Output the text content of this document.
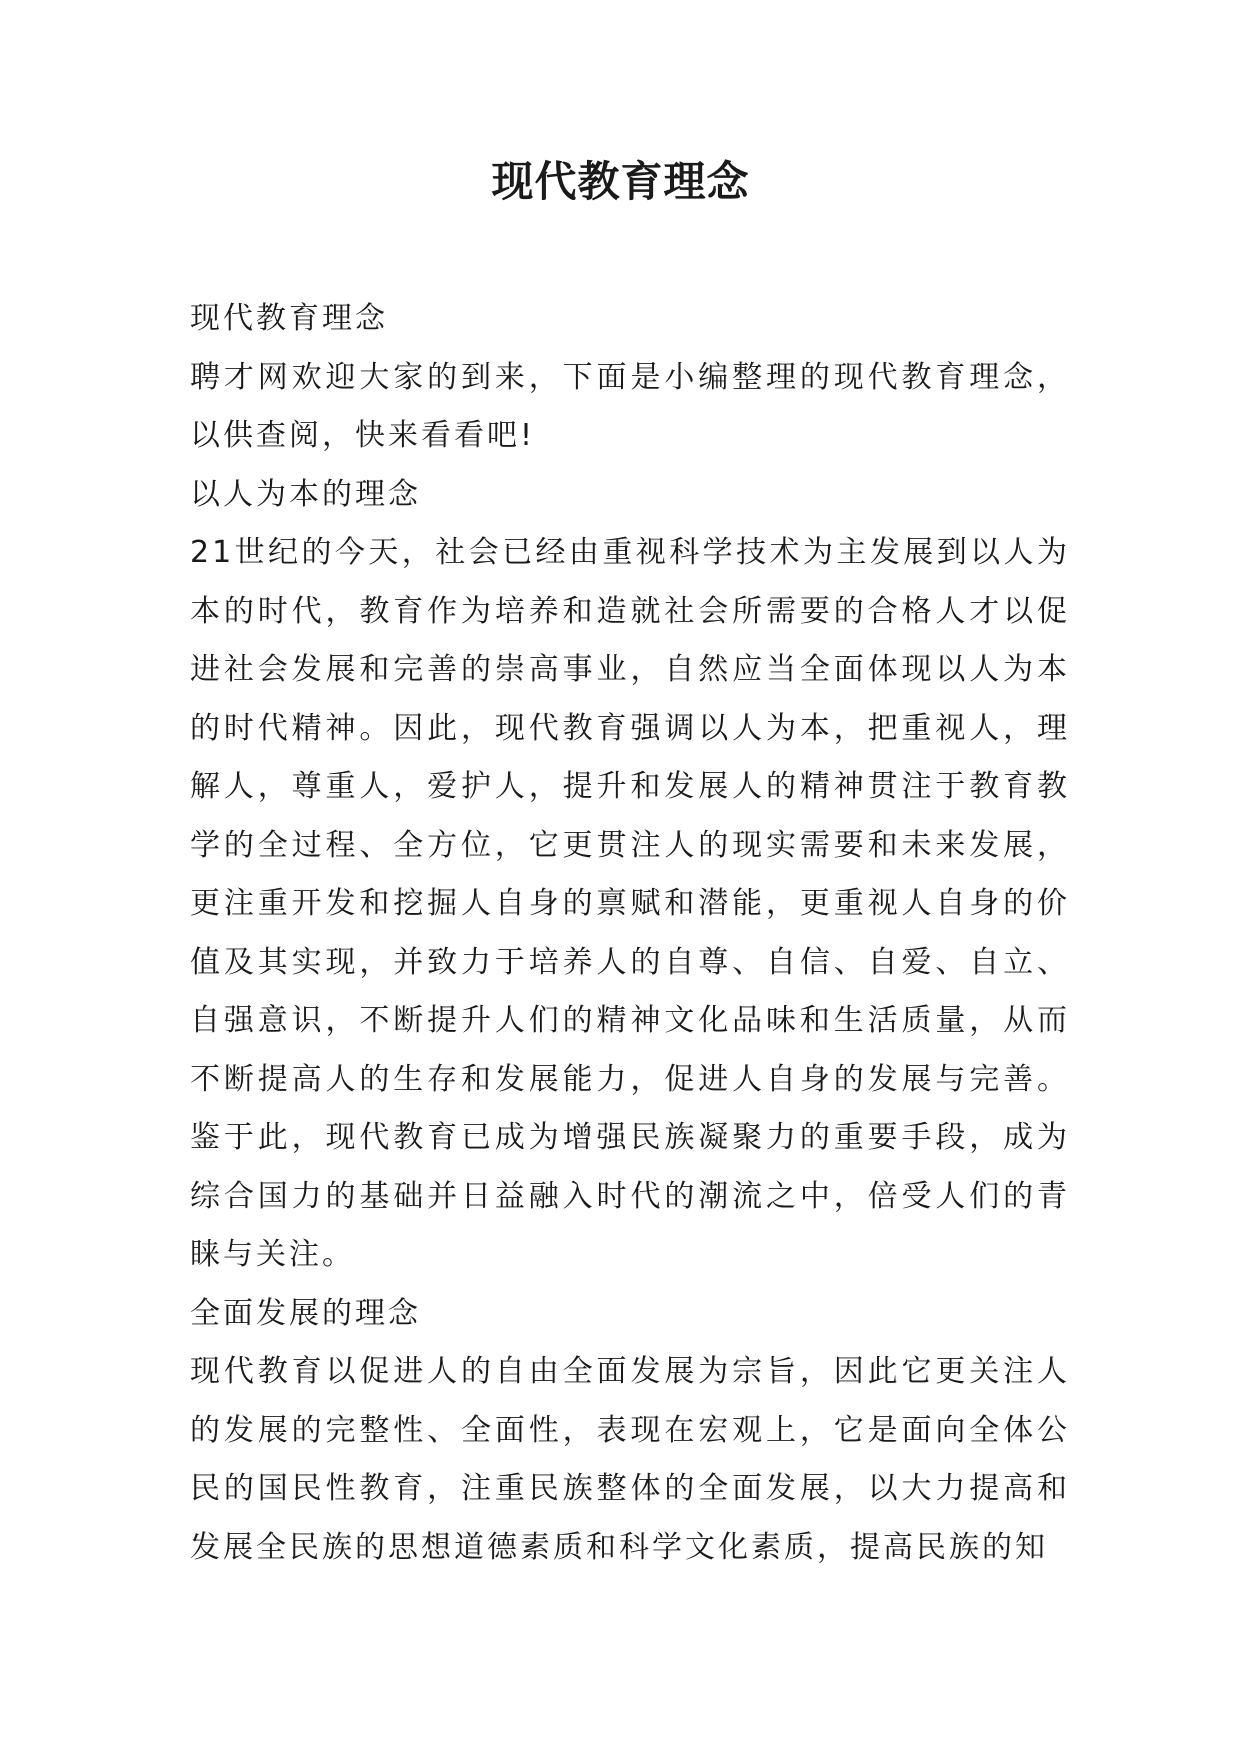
现代教育理念

现代教育理念

聘才网欢迎大家的到来，下面是小编整理的现代教育理念，以供查阅，快来看看吧!

以人为本的理念

21世纪的今天，社会已经由重视科学技术为主发展到以人为本的时代，教育作为培养和造就社会所需要的合格人才以促进社会发展和完善的崇高事业，自然应当全面体现以人为本的时代精神。因此，现代教育强调以人为本，把重视人，理解人，尊重人，爱护人，提升和发展人的精神贯注于教育教学的全过程、全方位，它更贯注人的现实需要和未来发展，更注重开发和挖掘人自身的禀赋和潜能，更重视人自身的价值及其实现，并致力于培养人的自尊、自信、自爱、自立、自强意识，不断提升人们的精神文化品味和生活质量，从而不断提高人的生存和发展能力，促进人自身的发展与完善。鉴于此，现代教育已成为增强民族凝聚力的重要手段，成为综合国力的基础并日益融入时代的潮流之中，倍受人们的青睐与关注。

全面发展的理念

现代教育以促进人的自由全面发展为宗旨，因此它更关注人的发展的完整性、全面性，表现在宏观上，它是面向全体公民的国民性教育，注重民族整体的全面发展，以大力提高和发展全民族的思想道德素质和科学文化素质，提高民族的知
